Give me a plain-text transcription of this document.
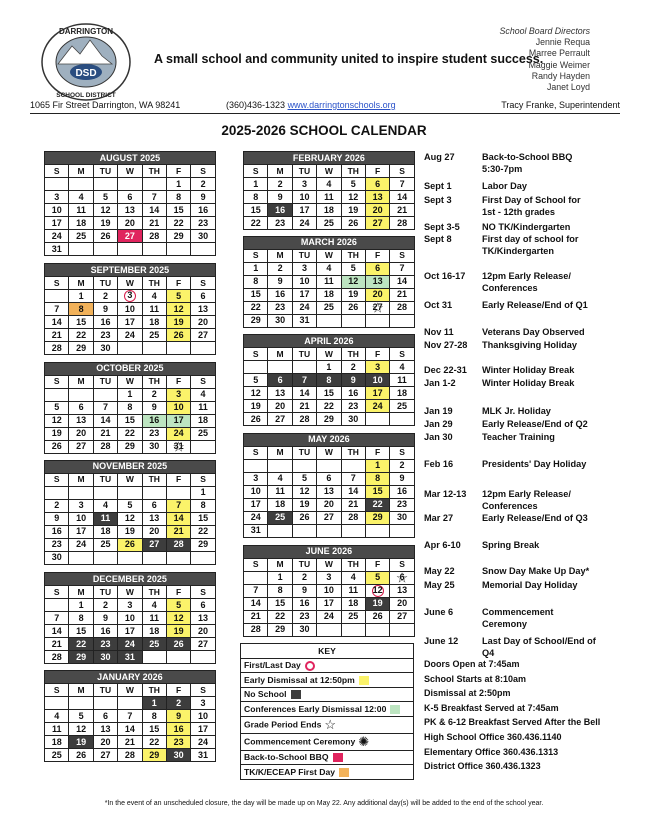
DSD
DARRINGTON
SCHOOL DISTRICT
A small school and community united to inspire student success.
School Board Directors
Jennie Requa
Marree Perrault
Maggie Weimer
Randy Hayden
Janet Loyd
1065 Fir Street Darrington, WA 98241	(360)436-1323 www.darringtonschools.org	Tracy Franke, Superintendent
2025-2026 SCHOOL CALENDAR
AUGUST 2025						
S	M	TU	W	TH	F	S
					1	2
3	4	5	6	7	8	9
10	11	12	13	14	15	16
17	18	19	20	21	22	23
24	25	26	27	28	29	30
31						
SEPTEMBER 2025						
S	M	TU	W	TH	F	S
	1	2	3	4	5	6
7	8	9	10	11	12	13
14	15	16	17	18	19	20
21	22	23	24	25	26	27
28	29	30				
OCTOBER 2025						
S	M	TU	W	TH	F	S
			1	2	3	4
5	6	7	8	9	10	11
12	13	14	15	16	17	18
19	20	21	22	23	24	25
26	27	28	29	30	31 ☆	
NOVEMBER 2025						
S	M	TU	W	TH	F	S
						1
2	3	4	5	6	7	8
9	10	11	12	13	14	15
16	17	18	19	20	21	22
23	24	25	26	27	28	29
30						
DECEMBER 2025						
S	M	TU	W	TH	F	S
	1	2	3	4	5	6
7	8	9	10	11	12	13
14	15	16	17	18	19	20
21	22	23	24	25	26	27
28	29	30	31			
JANUARY 2026						
S	M	TU	W	TH	F	S
				1	2	3
4	5	6	7	8	9	10
11	12	13	14	15	16	17
18	19	20	21	22	23	24
25	26	27	28	29	30	31
FEBRUARY 2026						
S	M	TU	W	TH	F	S
1	2	3	4	5	6	7
8	9	10	11	12	13	14
15	16	17	18	19	20	21
22	23	24	25	26	27	28
MARCH 2026						
S	M	TU	W	TH	F	S
1	2	3	4	5	6	7
8	9	10	11	12	13	14
15	16	17	18	19	20	21
22	23	24	25	26	27 ☆	28
29	30	31				
APRIL 2026						
S	M	TU	W	TH	F	S
			1	2	3	4
5	6	7	8	9	10	11
12	13	14	15	16	17	18
19	20	21	22	23	24	25
26	27	28	29	30		
MAY 2026						
S	M	TU	W	TH	F	S
					1	2
3	4	5	6	7	8	9
10	11	12	13	14	15	16
17	18	19	20	21	22	23
24	25	26	27	28	29	30
31						
JUNE 2026						
S	M	TU	W	TH	F	S
	1	2	3	4	5	6 ☆
7	8	9	10	11	12	13
14	15	16	17	18	19	20
21	22	23	24	25	26	27
28	29	30				
Aug 27	Back-to-School BBQ
5:30-7pm
Sept 1	Labor Day
Sept 3	First Day of School for
1st - 12th grades
Sept 3-5	NO TK/Kindergarten
Sept 8	First day of school for
TK/Kindergarten
Oct 16-17	12pm Early Release/
Conferences
Oct 31	Early Release/End of Q1
Nov 11	Veterans Day Observed
Nov 27-28	Thanksgiving Holiday
Dec 22-31	Winter Holiday Break
Jan 1-2	Winter Holiday Break
Jan 19	MLK Jr. Holiday
Jan 29	Early Release/End of Q2
Jan 30	Teacher Training
Feb 16	Presidents' Day Holiday
Mar 12-13	12pm Early Release/
Conferences
Mar 27	Early Release/End of Q3
Apr 6-10	Spring Break
May 22	Snow Day Make Up Day*
May 25	Memorial Day Holiday
June 6	Commencement
Ceremony
June 12	Last Day of School/End of
Q4
KEY
First/Last Day
Early Dismissal at 12:50pm
No School
Conferences Early Dismissal 12:00
Grade Period Ends ☆
Commencement Ceremony ✺
Back-to-School BBQ
TK/K/ECEAP First Day
Doors Open at 7:45am
School Starts at 8:10am
Dismissal at 2:50pm
K-5 Breakfast Served at 7:45am
PK & 6-12 Breakfast Served After the Bell
High School Office 360.436.1140
Elementary Office 360.436.1313
District Office 360.436.1323
*In the event of an unscheduled closure, the day will be made up on May 22. Any additional day(s) will be added to the end of the school year.
